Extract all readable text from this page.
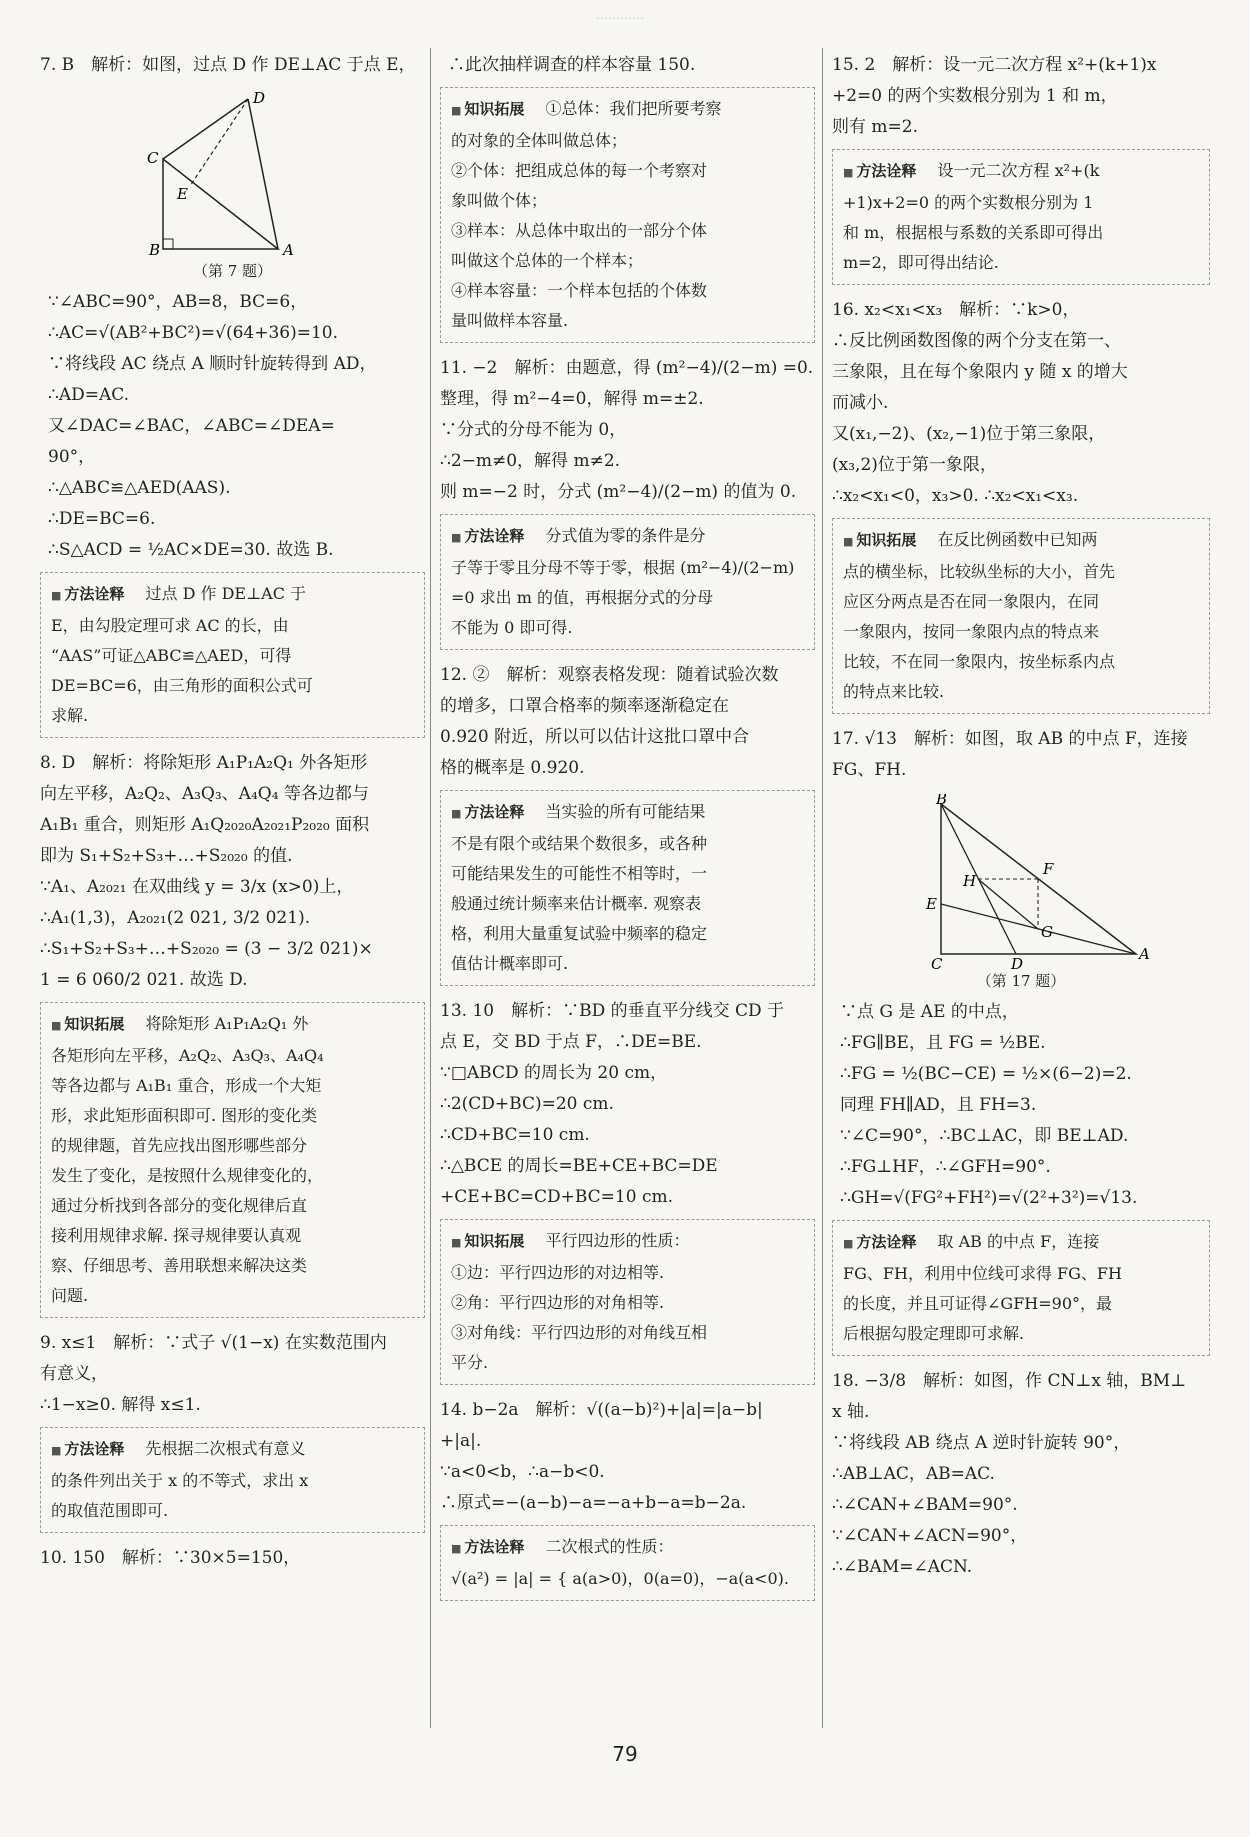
…………
7. B　解析：如图，过点 D 作 DE⊥AC 于点 E，
D
C
E
B	A
（第 7 题）
∵∠ABC=90°，AB=8，BC=6，
∴AC=√(AB²+BC²)=√(64+36)=10.
∵将线段 AC 绕点 A 顺时针旋转得到 AD，
∴AD=AC.
又∠DAC=∠BAC，∠ABC=∠DEA=
90°，
∴△ABC≌△AED(AAS).
∴DE=BC=6.
∴S△ACD = ½AC×DE=30. 故选 B.
■ 方法诠释 　过点 D 作 DE⊥AC 于
E，由勾股定理可求 AC 的长，由
“AAS”可证△ABC≌△AED，可得
DE=BC=6，由三角形的面积公式可
求解.
8. D　解析：将除矩形 A₁P₁A₂Q₁ 外各矩形
向左平移，A₂Q₂、A₃Q₃、A₄Q₄ 等各边都与
A₁B₁ 重合，则矩形 A₁Q₂₀₂₀A₂₀₂₁P₂₀₂₀ 面积
即为 S₁+S₂+S₃+…+S₂₀₂₀ 的值.
∵A₁、A₂₀₂₁ 在双曲线 y = 3/x (x>0)上，
∴A₁(1,3)，A₂₀₂₁(2 021, 3/2 021).
∴S₁+S₂+S₃+…+S₂₀₂₀ = (3 − 3/2 021)×
1 = 6 060/2 021. 故选 D.
■ 知识拓展 　将除矩形 A₁P₁A₂Q₁ 外
各矩形向左平移，A₂Q₂、A₃Q₃、A₄Q₄
等各边都与 A₁B₁ 重合，形成一个大矩
形，求此矩形面积即可. 图形的变化类
的规律题，首先应找出图形哪些部分
发生了变化，是按照什么规律变化的，
通过分析找到各部分的变化规律后直
接利用规律求解. 探寻规律要认真观
察、仔细思考、善用联想来解决这类
问题.
9. x≤1　解析：∵式子 √(1−x) 在实数范围内
有意义，
∴1−x≥0. 解得 x≤1.
■ 方法诠释 　先根据二次根式有意义
的条件列出关于 x 的不等式，求出 x
的取值范围即可.
10. 150　解析：∵30×5=150，
∴此次抽样调查的样本容量 150.
■ 知识拓展 　①总体：我们把所要考察
的对象的全体叫做总体；
②个体：把组成总体的每一个考察对
象叫做个体；
③样本：从总体中取出的一部分个体
叫做这个总体的一个样本；
④样本容量：一个样本包括的个体数
量叫做样本容量.
11. −2　解析：由题意，得 (m²−4)/(2−m) =0.
整理，得 m²−4=0，解得 m=±2.
∵分式的分母不能为 0，
∴2−m≠0，解得 m≠2.
则 m=−2 时，分式 (m²−4)/(2−m) 的值为 0.
■ 方法诠释 　分式值为零的条件是分
子等于零且分母不等于零，根据 (m²−4)/(2−m)
=0 求出 m 的值，再根据分式的分母
不能为 0 即可得.
12. ②　解析：观察表格发现：随着试验次数
的增多，口罩合格率的频率逐渐稳定在
0.920 附近，所以可以估计这批口罩中合
格的概率是 0.920.
■ 方法诠释 　当实验的所有可能结果
不是有限个或结果个数很多，或各种
可能结果发生的可能性不相等时，一
般通过统计频率来估计概率. 观察表
格，利用大量重复试验中频率的稳定
值估计概率即可.
13. 10　解析：∵BD 的垂直平分线交 CD 于
点 E，交 BD 于点 F，∴DE=BE.
∵□ABCD 的周长为 20 cm，
∴2(CD+BC)=20 cm.
∴CD+BC=10 cm.
∴△BCE 的周长=BE+CE+BC=DE
+CE+BC=CD+BC=10 cm.
■ 知识拓展 　平行四边形的性质：
①边：平行四边形的对边相等.
②角：平行四边形的对角相等.
③对角线：平行四边形的对角线互相
平分.
14. b−2a　解析：√((a−b)²)+|a|=|a−b|
+|a|.
∵a<0<b，∴a−b<0.
∴原式=−(a−b)−a=−a+b−a=b−2a.
■ 方法诠释 　二次根式的性质：
√(a²) = |a| = { a(a>0)，0(a=0)，−a(a<0).
15. 2　解析：设一元二次方程 x²+(k+1)x
+2=0 的两个实数根分别为 1 和 m，
则有 m=2.
■ 方法诠释 　设一元二次方程 x²+(k
+1)x+2=0 的两个实数根分别为 1
和 m，根据根与系数的关系即可得出
m=2，即可得出结论.
16. x₂<x₁<x₃　解析：∵k>0，
∴反比例函数图像的两个分支在第一、
三象限，且在每个象限内 y 随 x 的增大
而减小.
又(x₁,−2)、(x₂,−1)位于第三象限，
(x₃,2)位于第一象限，
∴x₂<x₁<0，x₃>0. ∴x₂<x₁<x₃.
■ 知识拓展 　在反比例函数中已知两
点的横坐标，比较纵坐标的大小，首先
应区分两点是否在同一象限内，在同
一象限内，按同一象限内点的特点来
比较，不在同一象限内，按坐标系内点
的特点来比较.
17. √13　解析：如图，取 AB 的中点 F，连接
FG、FH.
B
F
H
G
E
C	D
A
（第 17 题）
∵点 G 是 AE 的中点，
∴FG∥BE，且 FG = ½BE.
∴FG = ½(BC−CE) = ½×(6−2)=2.
同理 FH∥AD，且 FH=3.
∵∠C=90°，∴BC⊥AC，即 BE⊥AD.
∴FG⊥HF，∴∠GFH=90°.
∴GH=√(FG²+FH²)=√(2²+3²)=√13.
■ 方法诠释 　取 AB 的中点 F，连接
FG、FH，利用中位线可求得 FG、FH
的长度，并且可证得∠GFH=90°，最
后根据勾股定理即可求解.
18. −3/8　解析：如图，作 CN⊥x 轴，BM⊥
x 轴.
∵将线段 AB 绕点 A 逆时针旋转 90°，
∴AB⊥AC，AB=AC.
∴∠CAN+∠BAM=90°.
∵∠CAN+∠ACN=90°，
∴∠BAM=∠ACN.
79
